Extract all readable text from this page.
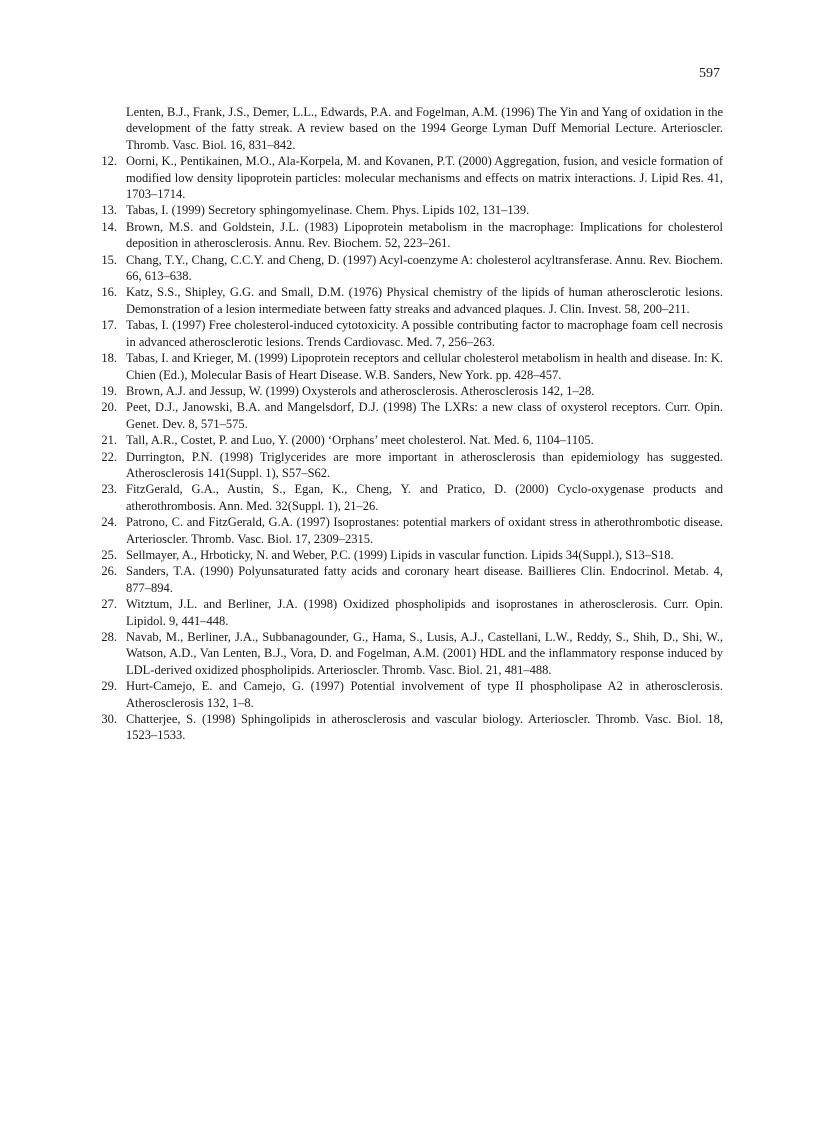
597
Lenten, B.J., Frank, J.S., Demer, L.L., Edwards, P.A. and Fogelman, A.M. (1996) The Yin and Yang of oxidation in the development of the fatty streak. A review based on the 1994 George Lyman Duff Memorial Lecture. Arterioscler. Thromb. Vasc. Biol. 16, 831–842.
12. Oorni, K., Pentikainen, M.O., Ala-Korpela, M. and Kovanen, P.T. (2000) Aggregation, fusion, and vesicle formation of modified low density lipoprotein particles: molecular mechanisms and effects on matrix interactions. J. Lipid Res. 41, 1703–1714.
13. Tabas, I. (1999) Secretory sphingomyelinase. Chem. Phys. Lipids 102, 131–139.
14. Brown, M.S. and Goldstein, J.L. (1983) Lipoprotein metabolism in the macrophage: Implications for cholesterol deposition in atherosclerosis. Annu. Rev. Biochem. 52, 223–261.
15. Chang, T.Y., Chang, C.C.Y. and Cheng, D. (1997) Acyl-coenzyme A: cholesterol acyltransferase. Annu. Rev. Biochem. 66, 613–638.
16. Katz, S.S., Shipley, G.G. and Small, D.M. (1976) Physical chemistry of the lipids of human atherosclerotic lesions. Demonstration of a lesion intermediate between fatty streaks and advanced plaques. J. Clin. Invest. 58, 200–211.
17. Tabas, I. (1997) Free cholesterol-induced cytotoxicity. A possible contributing factor to macrophage foam cell necrosis in advanced atherosclerotic lesions. Trends Cardiovasc. Med. 7, 256–263.
18. Tabas, I. and Krieger, M. (1999) Lipoprotein receptors and cellular cholesterol metabolism in health and disease. In: K. Chien (Ed.), Molecular Basis of Heart Disease. W.B. Sanders, New York. pp. 428–457.
19. Brown, A.J. and Jessup, W. (1999) Oxysterols and atherosclerosis. Atherosclerosis 142, 1–28.
20. Peet, D.J., Janowski, B.A. and Mangelsdorf, D.J. (1998) The LXRs: a new class of oxysterol receptors. Curr. Opin. Genet. Dev. 8, 571–575.
21. Tall, A.R., Costet, P. and Luo, Y. (2000) ‘Orphans’ meet cholesterol. Nat. Med. 6, 1104–1105.
22. Durrington, P.N. (1998) Triglycerides are more important in atherosclerosis than epidemiology has suggested. Atherosclerosis 141(Suppl. 1), S57–S62.
23. FitzGerald, G.A., Austin, S., Egan, K., Cheng, Y. and Pratico, D. (2000) Cyclo-oxygenase products and atherothrombosis. Ann. Med. 32(Suppl. 1), 21–26.
24. Patrono, C. and FitzGerald, G.A. (1997) Isoprostanes: potential markers of oxidant stress in atherothrombotic disease. Arterioscler. Thromb. Vasc. Biol. 17, 2309–2315.
25. Sellmayer, A., Hrboticky, N. and Weber, P.C. (1999) Lipids in vascular function. Lipids 34(Suppl.), S13–S18.
26. Sanders, T.A. (1990) Polyunsaturated fatty acids and coronary heart disease. Baillieres Clin. Endocrinol. Metab. 4, 877–894.
27. Witztum, J.L. and Berliner, J.A. (1998) Oxidized phospholipids and isoprostanes in atherosclerosis. Curr. Opin. Lipidol. 9, 441–448.
28. Navab, M., Berliner, J.A., Subbanagounder, G., Hama, S., Lusis, A.J., Castellani, L.W., Reddy, S., Shih, D., Shi, W., Watson, A.D., Van Lenten, B.J., Vora, D. and Fogelman, A.M. (2001) HDL and the inflammatory response induced by LDL-derived oxidized phospholipids. Arterioscler. Thromb. Vasc. Biol. 21, 481–488.
29. Hurt-Camejo, E. and Camejo, G. (1997) Potential involvement of type II phospholipase A2 in atherosclerosis. Atherosclerosis 132, 1–8.
30. Chatterjee, S. (1998) Sphingolipids in atherosclerosis and vascular biology. Arterioscler. Thromb. Vasc. Biol. 18, 1523–1533.
